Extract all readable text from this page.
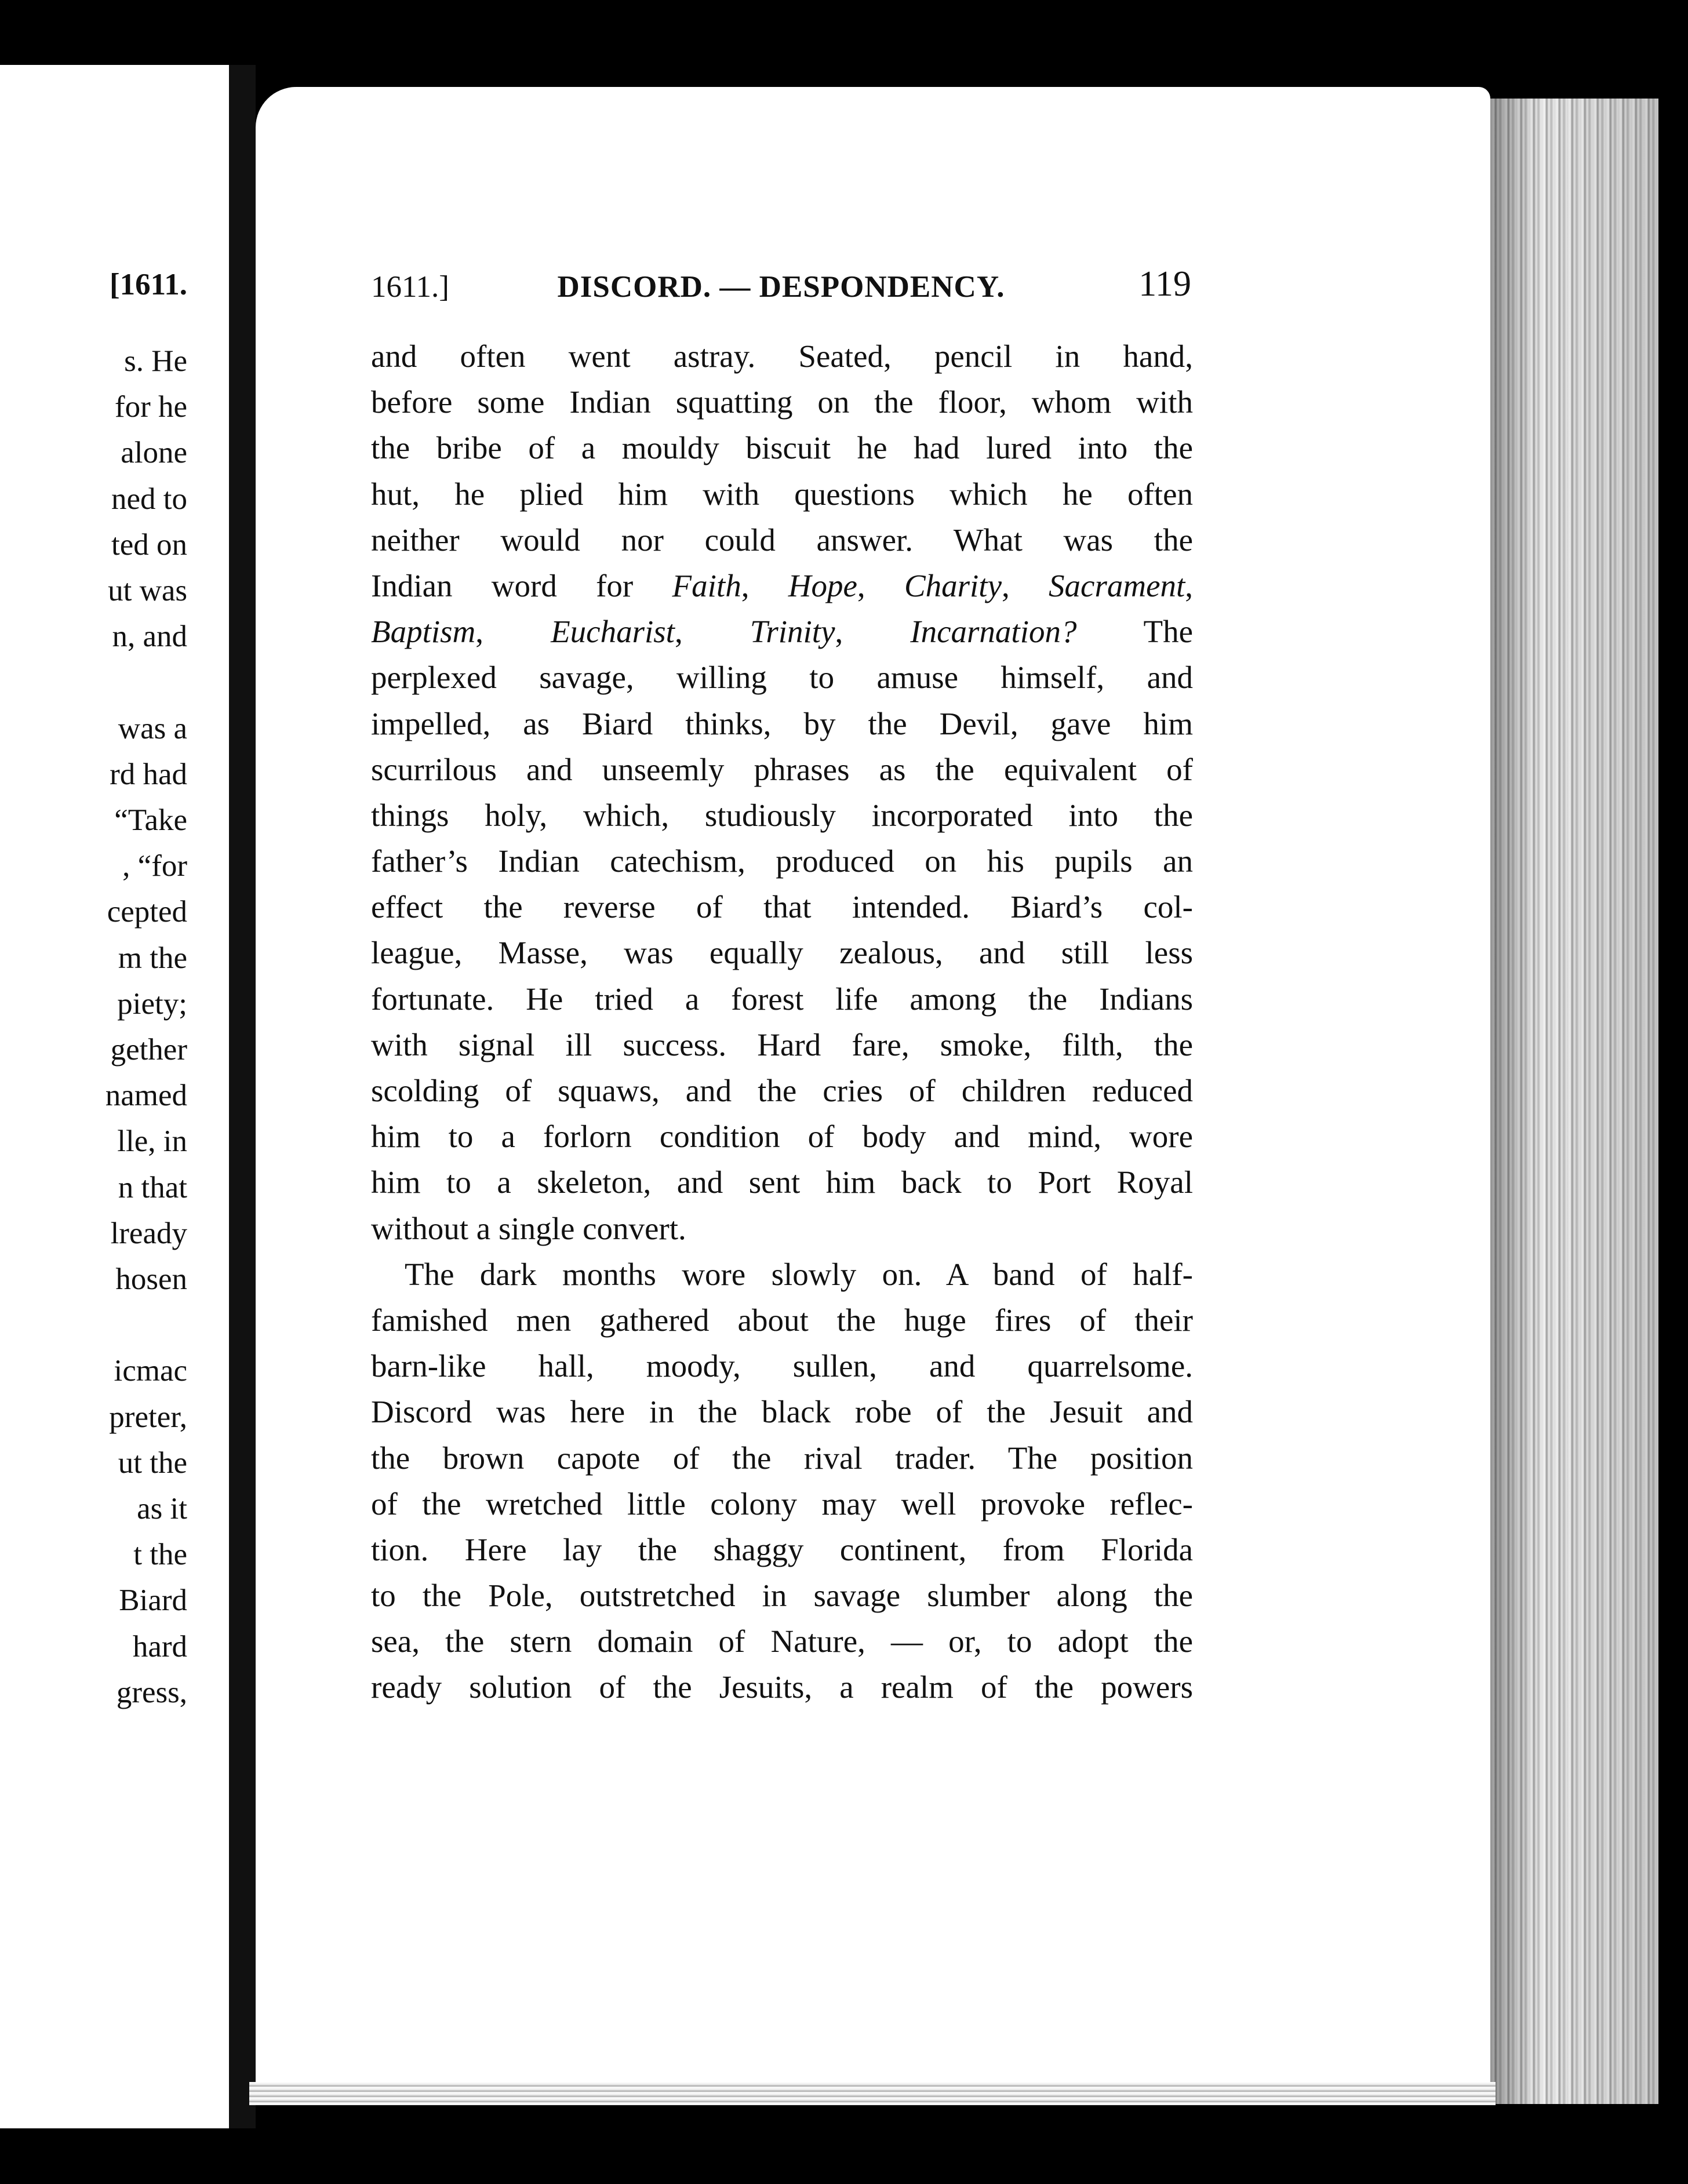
[1611.
s. He
for he
alone
ned to
ted on
ut was
n, and
was a
rd had
“Take
, “for
cepted
m the
piety;
gether
named
lle, in
n that
lready
hosen
icmac
preter,
ut the
as it
t the
Biard
hard
gress,
1611.]	DISCORD. — DESPONDENCY.	119
and often went astray. Seated, pencil in hand,
before some Indian squatting on the floor, whom with
the bribe of a mouldy biscuit he had lured into the
hut, he plied him with questions which he often
neither would nor could answer. What was the
Indian word for Faith, Hope, Charity, Sacrament,
Baptism, Eucharist, Trinity, Incarnation? The
perplexed savage, willing to amuse himself, and
impelled, as Biard thinks, by the Devil, gave him
scurrilous and unseemly phrases as the equivalent of
things holy, which, studiously incorporated into the
father’s Indian catechism, produced on his pupils an
effect the reverse of that intended. Biard’s col-
league, Masse, was equally zealous, and still less
fortunate. He tried a forest life among the Indians
with signal ill success. Hard fare, smoke, filth, the
scolding of squaws, and the cries of children reduced
him to a forlorn condition of body and mind, wore
him to a skeleton, and sent him back to Port Royal
without a single convert.
The dark months wore slowly on. A band of half-
famished men gathered about the huge fires of their
barn-like hall, moody, sullen, and quarrelsome.
Discord was here in the black robe of the Jesuit and
the brown capote of the rival trader. The position
of the wretched little colony may well provoke reflec-
tion. Here lay the shaggy continent, from Florida
to the Pole, outstretched in savage slumber along the
sea, the stern domain of Nature, — or, to adopt the
ready solution of the Jesuits, a realm of the powers
